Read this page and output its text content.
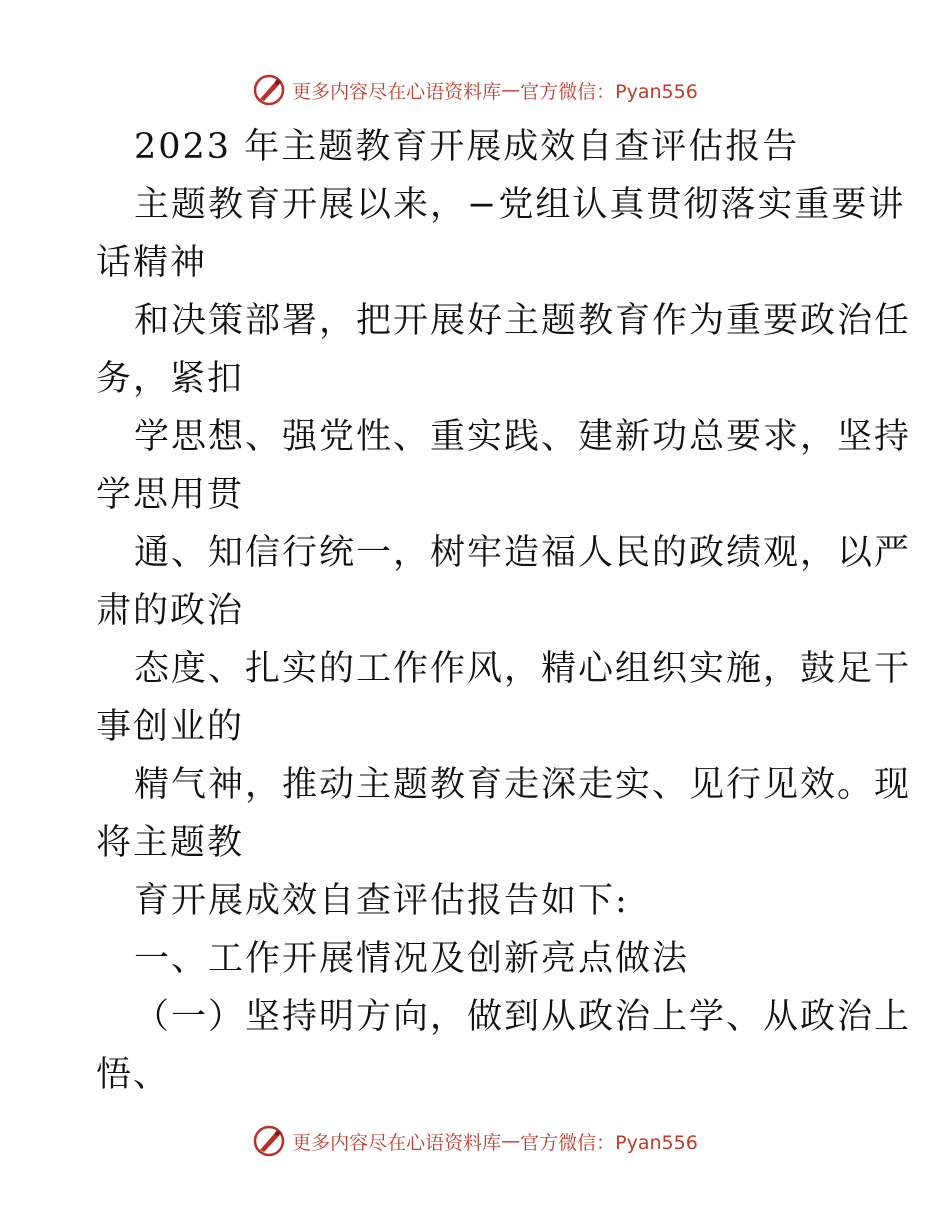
更多内容尽在心语资料库 — 官方微信：Pyan556
2023 年主题教育开展成效自查评估报告
主题教育开展以来，−党组认真贯彻落实重要讲
话精神
和决策部署，把开展好主题教育作为重要政治任
务，紧扣
学思想、强党性、重实践、建新功总要求，坚持
学思用贯
通、知信行统一，树牢造福人民的政绩观，以严
肃的政治
态度、扎实的工作作风，精心组织实施，鼓足干
事创业的
精气神，推动主题教育走深走实、见行见效。现
将主题教
育开展成效自查评估报告如下:
一、工作开展情况及创新亮点做法
（一）坚持明方向，做到从政治上学、从政治上
悟、
更多内容尽在心语资料库 — 官方微信：Pyan556
